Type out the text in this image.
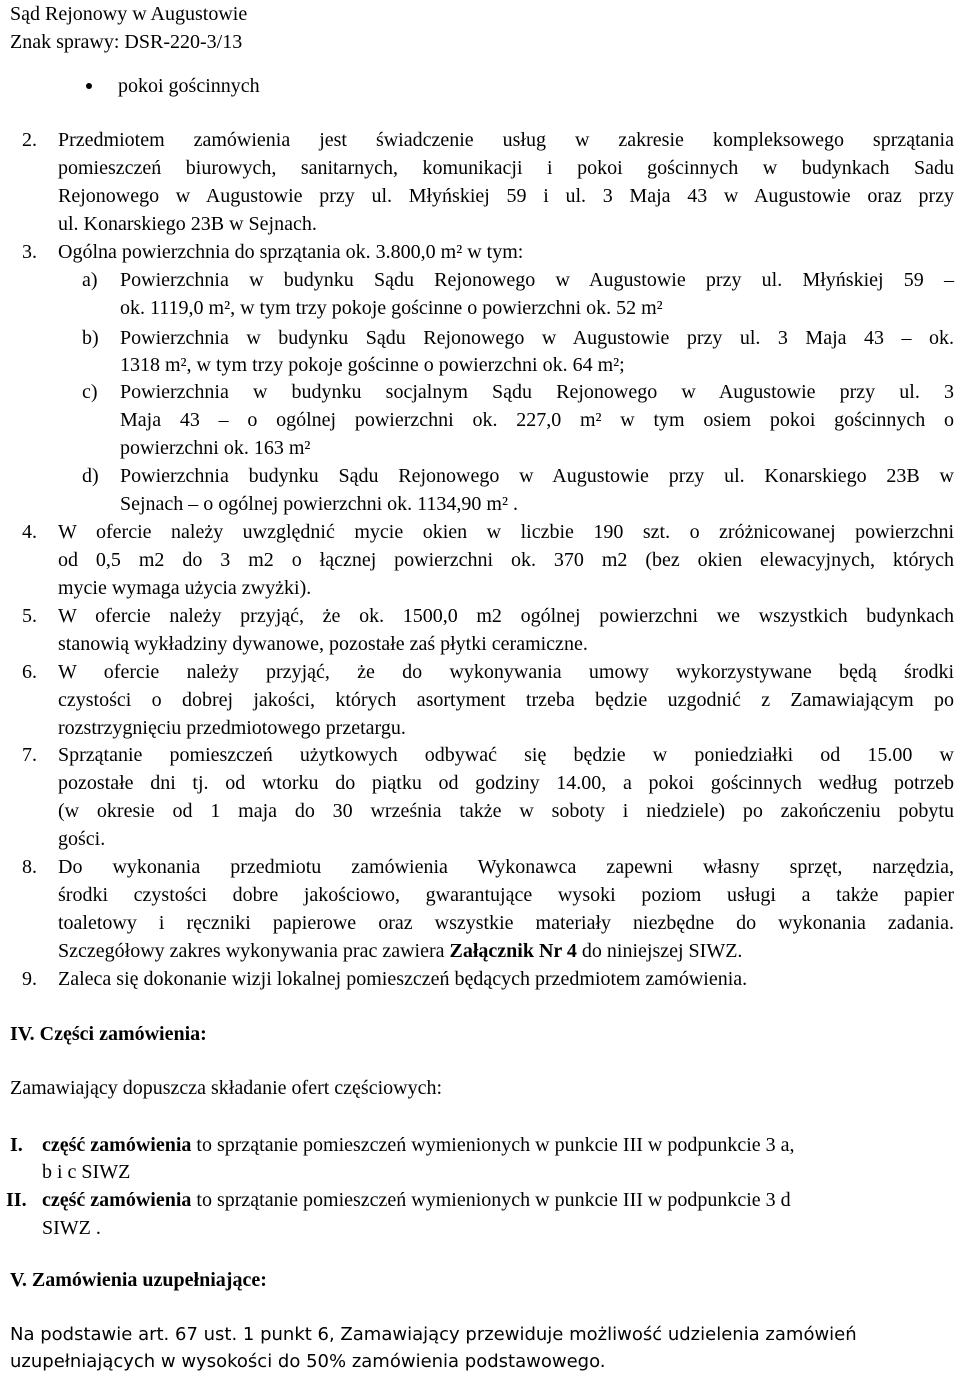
Sąd Rejonowy w Augustowie
Znak sprawy: DSR-220-3/13
pokoi gościnnych
2. Przedmiotem zamówienia jest świadczenie usług w zakresie kompleksowego sprzątania
pomieszczeń biurowych, sanitarnych, komunikacji i pokoi gościnnych w budynkach Sadu
Rejonowego w Augustowie przy ul. Młyńskiej 59 i ul. 3 Maja 43 w Augustowie oraz przy
ul. Konarskiego 23B w Sejnach.
3. Ogólna powierzchnia do sprzątania ok. 3.800,0 m² w tym:
a) Powierzchnia w budynku Sądu Rejonowego w Augustowie przy ul. Młyńskiej 59 –
ok. 1119,0 m², w tym trzy pokoje gościnne o powierzchni ok. 52 m²
b) Powierzchnia w budynku Sądu Rejonowego w Augustowie przy ul. 3 Maja 43 – ok.
1318 m², w tym trzy pokoje gościnne o powierzchni ok. 64 m²;
c) Powierzchnia w budynku socjalnym Sądu Rejonowego w Augustowie przy ul. 3
Maja 43 – o ogólnej powierzchni ok. 227,0 m² w tym osiem pokoi gościnnych o
powierzchni ok. 163 m²
d) Powierzchnia budynku Sądu Rejonowego w Augustowie przy ul. Konarskiego 23B w
Sejnach – o ogólnej powierzchni ok. 1134,90 m² .
4. W ofercie należy uwzględnić mycie okien w liczbie 190 szt. o zróżnicowanej powierzchni
od 0,5 m2 do 3 m2 o łącznej powierzchni ok. 370 m2 (bez okien elewacyjnych, których
mycie wymaga użycia zwyżki).
5. W ofercie należy przyjąć, że ok. 1500,0 m2 ogólnej powierzchni we wszystkich budynkach
stanowią wykładziny dywanowe, pozostałe zaś płytki ceramiczne.
6. W ofercie należy przyjąć, że do wykonywania umowy wykorzystywane będą środki
czystości o dobrej jakości, których asortyment trzeba będzie uzgodnić z Zamawiającym po
rozstrzygnięciu przedmiotowego przetargu.
7. Sprzątanie pomieszczeń użytkowych odbywać się będzie w poniedziałki od 15.00 w
pozostałe dni tj. od wtorku do piątku od godziny 14.00, a pokoi gościnnych według potrzeb
(w okresie od 1 maja do 30 września także w soboty i niedziele) po zakończeniu pobytu
gości.
8. Do wykonania przedmiotu zamówienia Wykonawca zapewni własny sprzęt, narzędzia,
środki czystości dobre jakościowo, gwarantujące wysoki poziom usługi a także papier
toaletowy i ręczniki papierowe oraz wszystkie materiały niezbędne do wykonania zadania.
Szczegółowy zakres wykonywania prac zawiera Załącznik Nr 4 do niniejszej SIWZ.
9. Zaleca się dokonanie wizji lokalnej pomieszczeń będących przedmiotem zamówienia.
IV. Części zamówienia:
Zamawiający dopuszcza składanie ofert częściowych:
I. część zamówienia to sprzątanie pomieszczeń wymienionych w punkcie III w podpunkcie 3 a,
b i c SIWZ
II. część zamówienia to sprzątanie pomieszczeń wymienionych w punkcie III w podpunkcie 3 d
SIWZ .
V. Zamówienia uzupełniające:
Na podstawie art. 67 ust. 1 punkt 6, Zamawiający przewiduje możliwość udzielenia zamówień
uzupełniających w wysokości do 50% zamówienia podstawowego.
